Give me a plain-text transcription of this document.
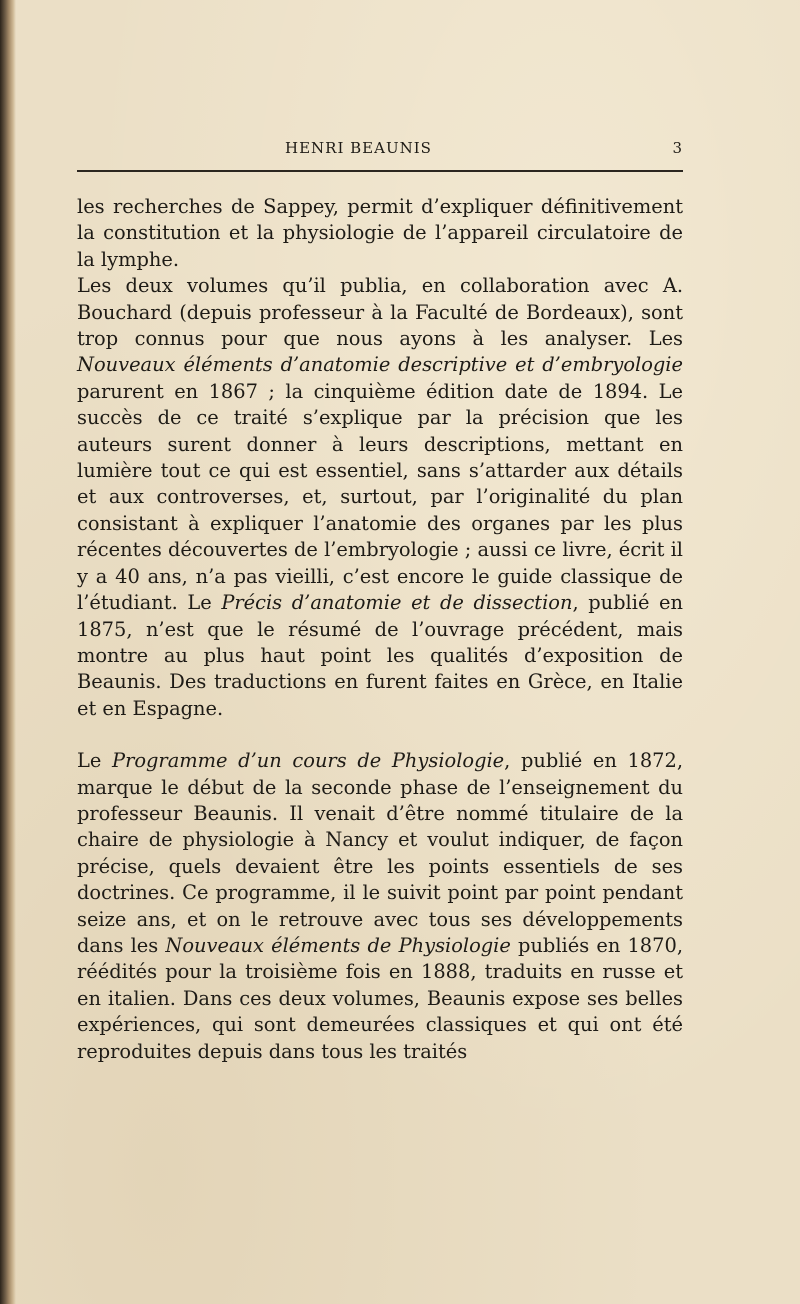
HENRI BEAUNIS	3

les recherches de Sappey, permit d’expliquer définitivement la constitution et la physiologie de l’appareil circulatoire de la lymphe.

Les deux volumes qu’il publia, en collaboration avec A. Bouchard (depuis professeur à la Faculté de Bordeaux), sont trop connus pour que nous ayons à les analyser. Les Nouveaux éléments d’anatomie descriptive et d’embryologie parurent en 1867 ; la cinquième édition date de 1894. Le succès de ce traité s’explique par la précision que les auteurs surent donner à leurs descriptions, mettant en lumière tout ce qui est essentiel, sans s’attarder aux détails et aux controverses, et, surtout, par l’originalité du plan consistant à expliquer l’anatomie des organes par les plus récentes découvertes de l’embryologie ; aussi ce livre, écrit il y a 40 ans, n’a pas vieilli, c’est encore le guide classique de l’étudiant. Le Précis d’anatomie et de dissection, publié en 1875, n’est que le résumé de l’ouvrage précédent, mais montre au plus haut point les qualités d’exposition de Beaunis. Des traductions en furent faites en Grèce, en Italie et en Espagne.

Le Programme d’un cours de Physiologie, publié en 1872, marque le début de la seconde phase de l’enseignement du professeur Beaunis. Il venait d’être nommé titulaire de la chaire de physiologie à Nancy et voulut indiquer, de façon précise, quels devaient être les points essentiels de ses doctrines. Ce programme, il le suivit point par point pendant seize ans, et on le retrouve avec tous ses développements dans les Nouveaux éléments de Physiologie publiés en 1870, réédités pour la troisième fois en 1888, traduits en russe et en italien. Dans ces deux volumes, Beaunis expose ses belles expériences, qui sont demeurées classiques et qui ont été reproduites depuis dans tous les traités
